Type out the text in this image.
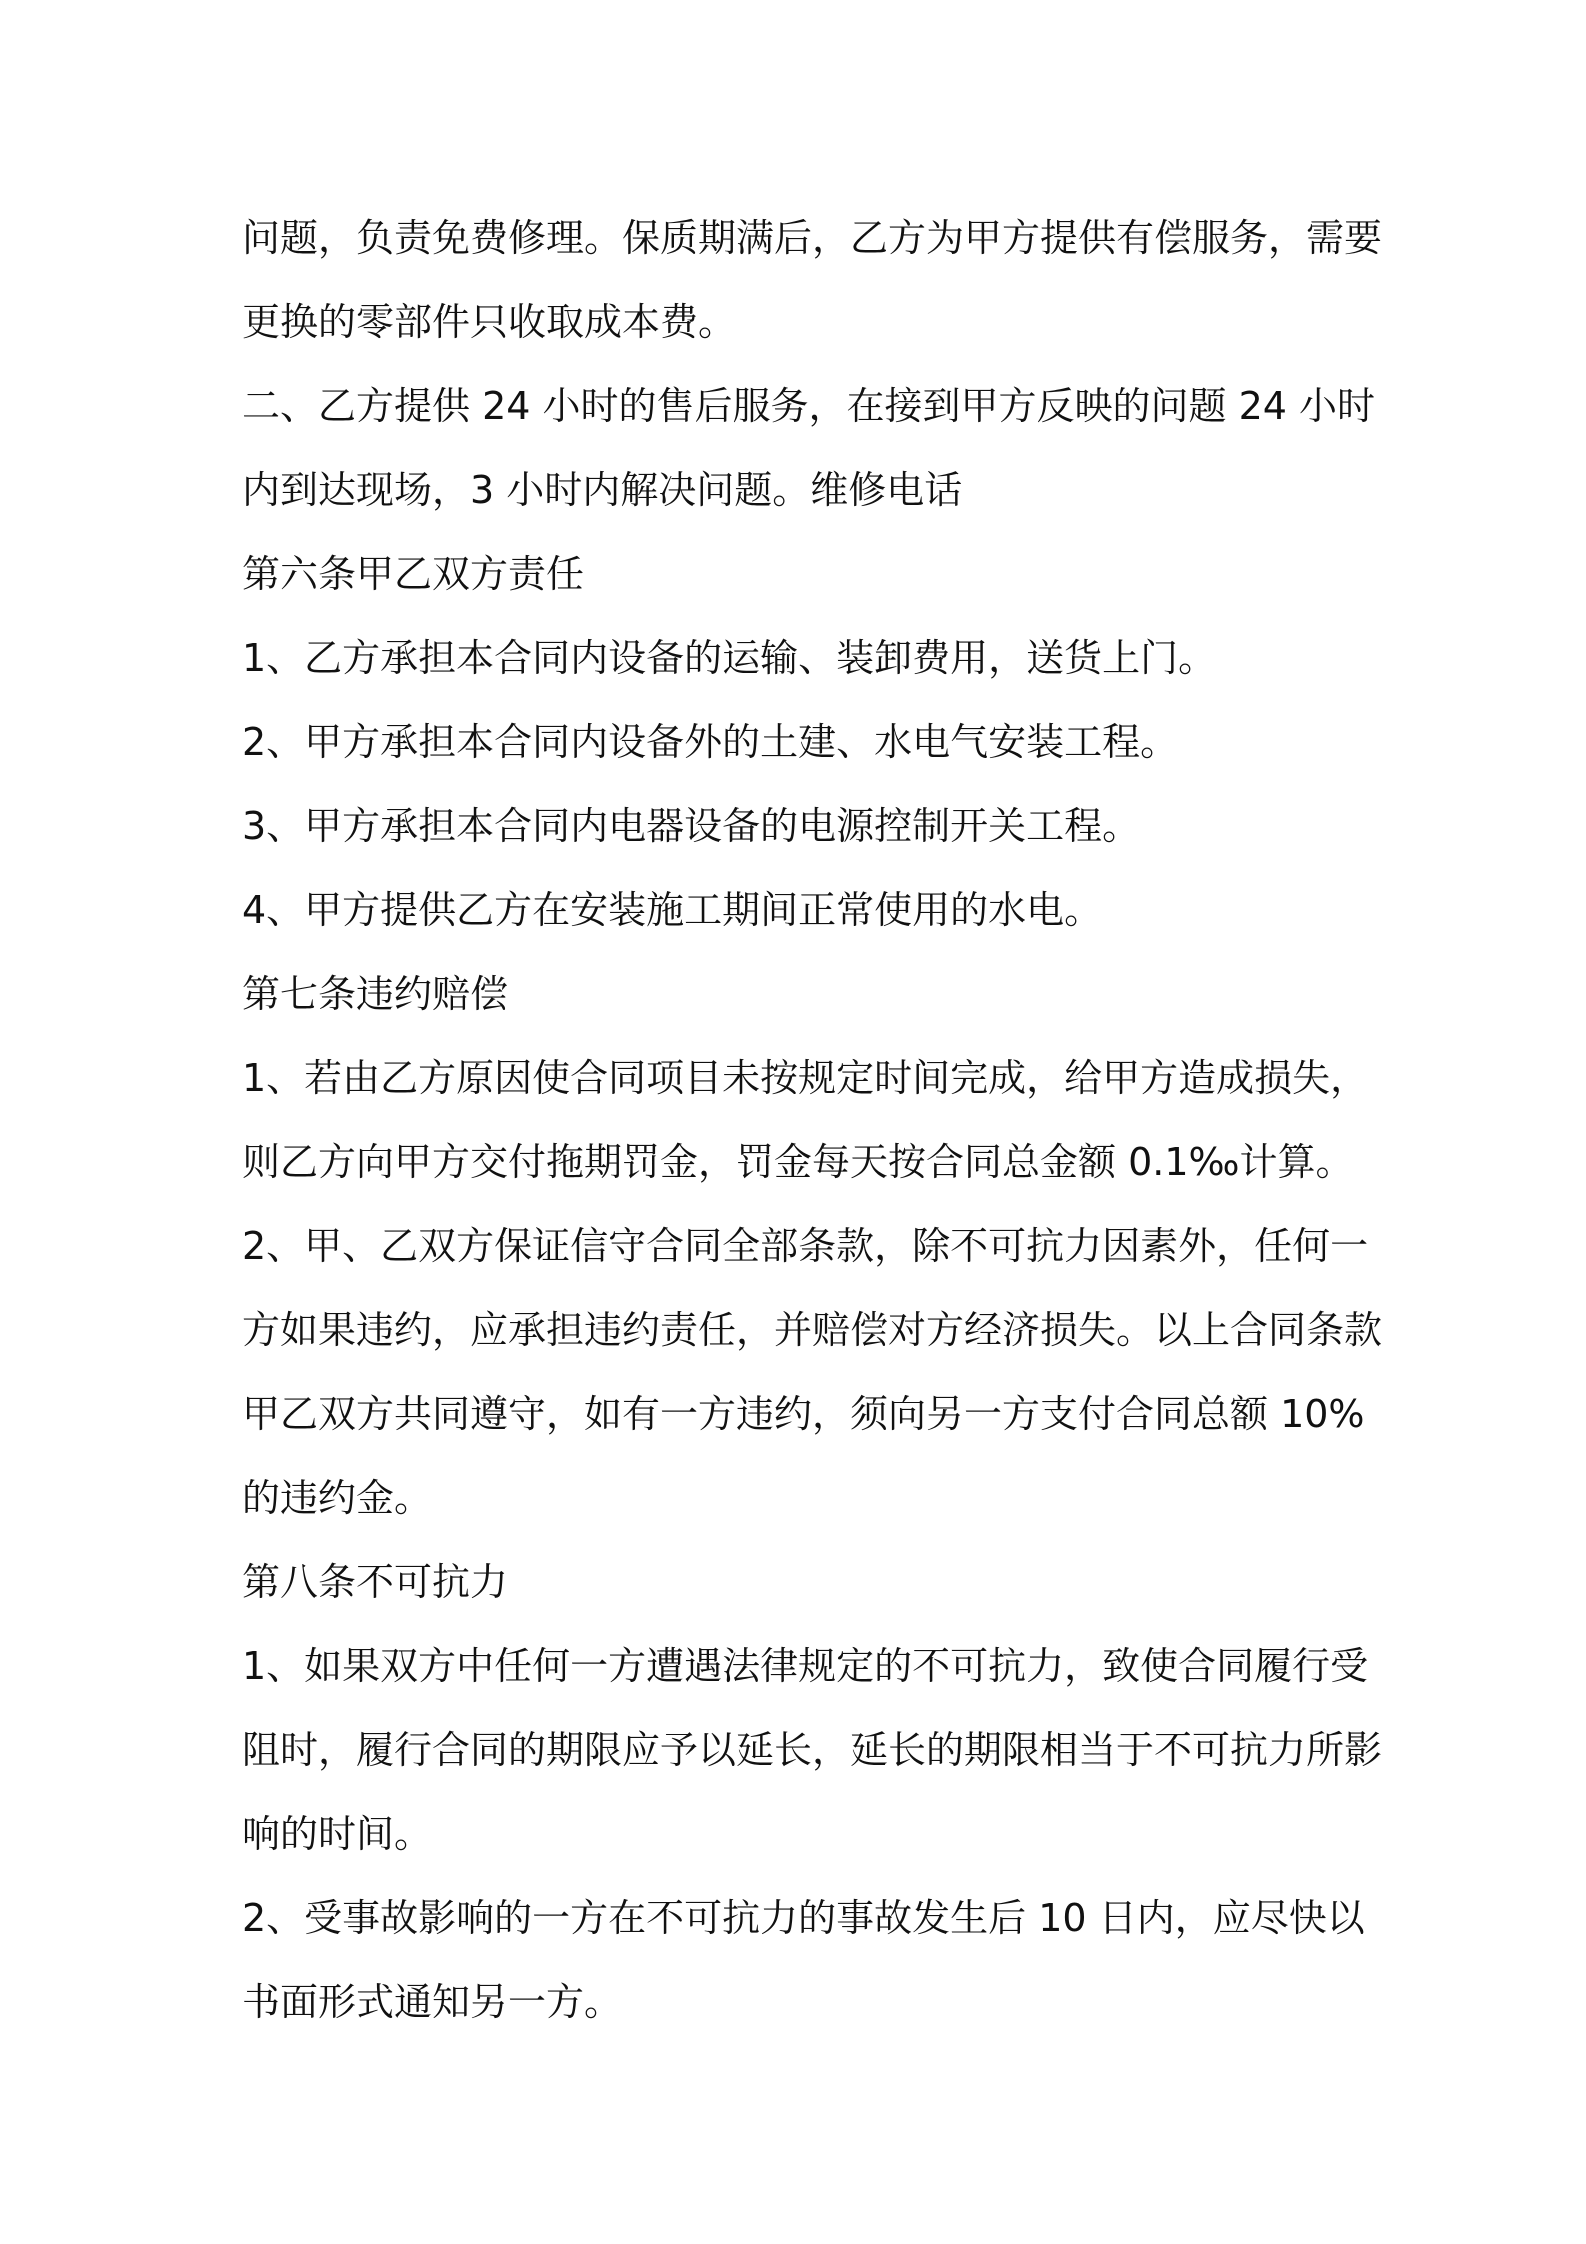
问题，负责免费修理。保质期满后，乙方为甲方提供有偿服务，需要
更换的零部件只收取成本费。
二、乙方提供 24 小时的售后服务，在接到甲方反映的问题 24 小时
内到达现场，3 小时内解决问题。维修电话
第六条甲乙双方责任
1、乙方承担本合同内设备的运输、装卸费用，送货上门。
2、甲方承担本合同内设备外的土建、水电气安装工程。
3、甲方承担本合同内电器设备的电源控制开关工程。
4、甲方提供乙方在安装施工期间正常使用的水电。
第七条违约赔偿
1、若由乙方原因使合同项目未按规定时间完成，给甲方造成损失，
则乙方向甲方交付拖期罚金，罚金每天按合同总金额 0.1‰计算。
2、甲、乙双方保证信守合同全部条款，除不可抗力因素外，任何一
方如果违约，应承担违约责任，并赔偿对方经济损失。以上合同条款
甲乙双方共同遵守，如有一方违约，须向另一方支付合同总额 10%
的违约金。
第八条不可抗力
1、如果双方中任何一方遭遇法律规定的不可抗力，致使合同履行受
阻时，履行合同的期限应予以延长，延长的期限相当于不可抗力所影
响的时间。
2、受事故影响的一方在不可抗力的事故发生后 10 日内，应尽快以
书面形式通知另一方。
